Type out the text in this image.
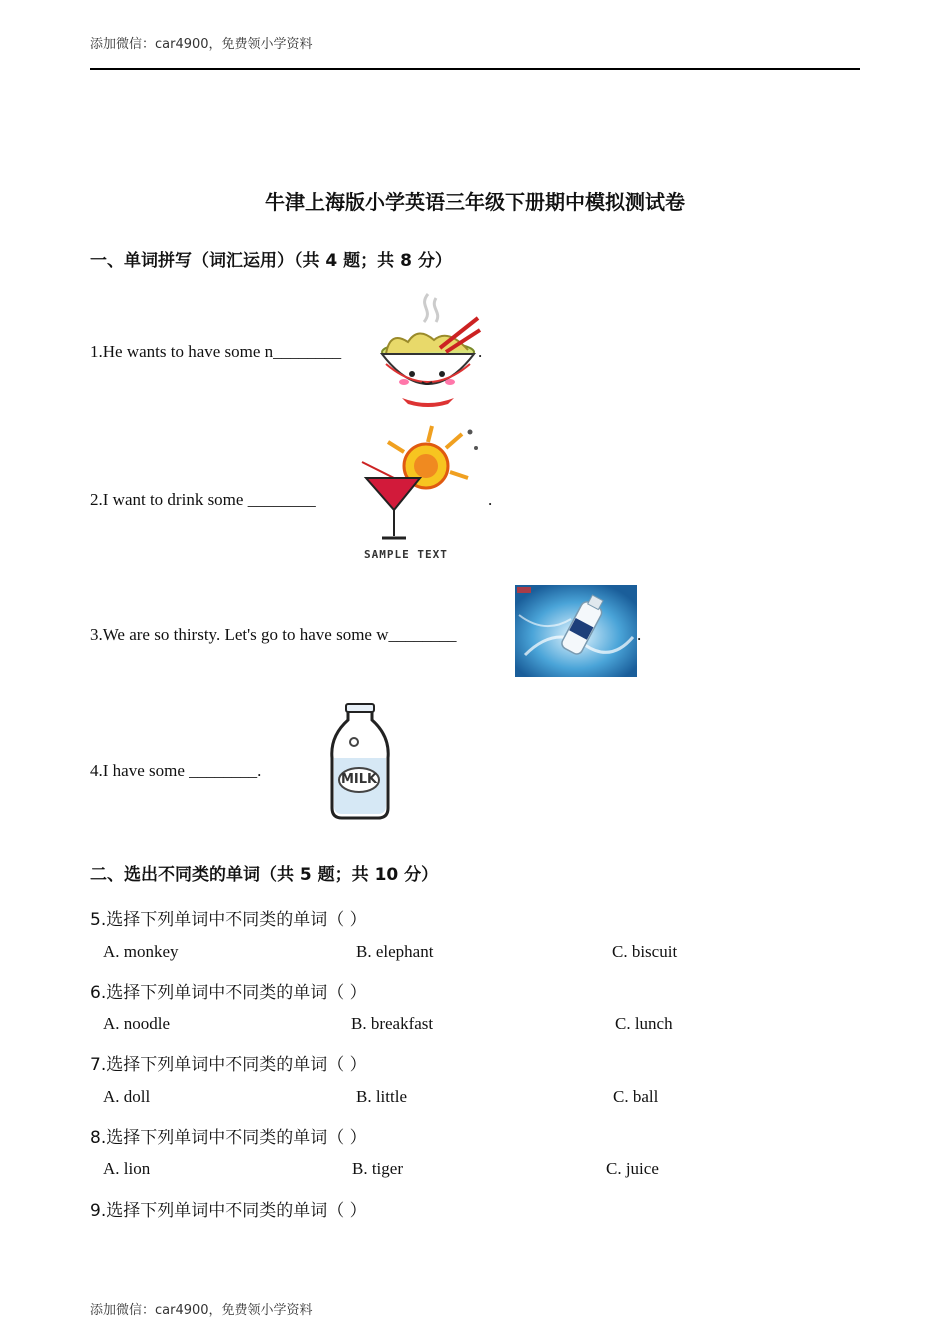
添加微信：car4900，免费领小学资料
牛津上海版小学英语三年级下册期中模拟测试卷
一、单词拼写（词汇运用）（共 4 题；共 8 分）
1.He wants to have some n________	.
2.I want to drink some ________
SAMPLE TEXT
.
3.We are so thirsty. Let's go to have some w________	.
4.I have some ________.	MILK
二、选出不同类的单词（共 5 题；共 10 分）
5.选择下列单词中不同类的单词（ ）
A. monkey	B. elephant	C. biscuit
6.选择下列单词中不同类的单词（ ）
A. noodle	B. breakfast	C. lunch
7.选择下列单词中不同类的单词（ ）
A. doll	B. little	C. ball
8.选择下列单词中不同类的单词（ ）
A. lion	B. tiger	C. juice
9.选择下列单词中不同类的单词（ ）
添加微信：car4900，免费领小学资料
